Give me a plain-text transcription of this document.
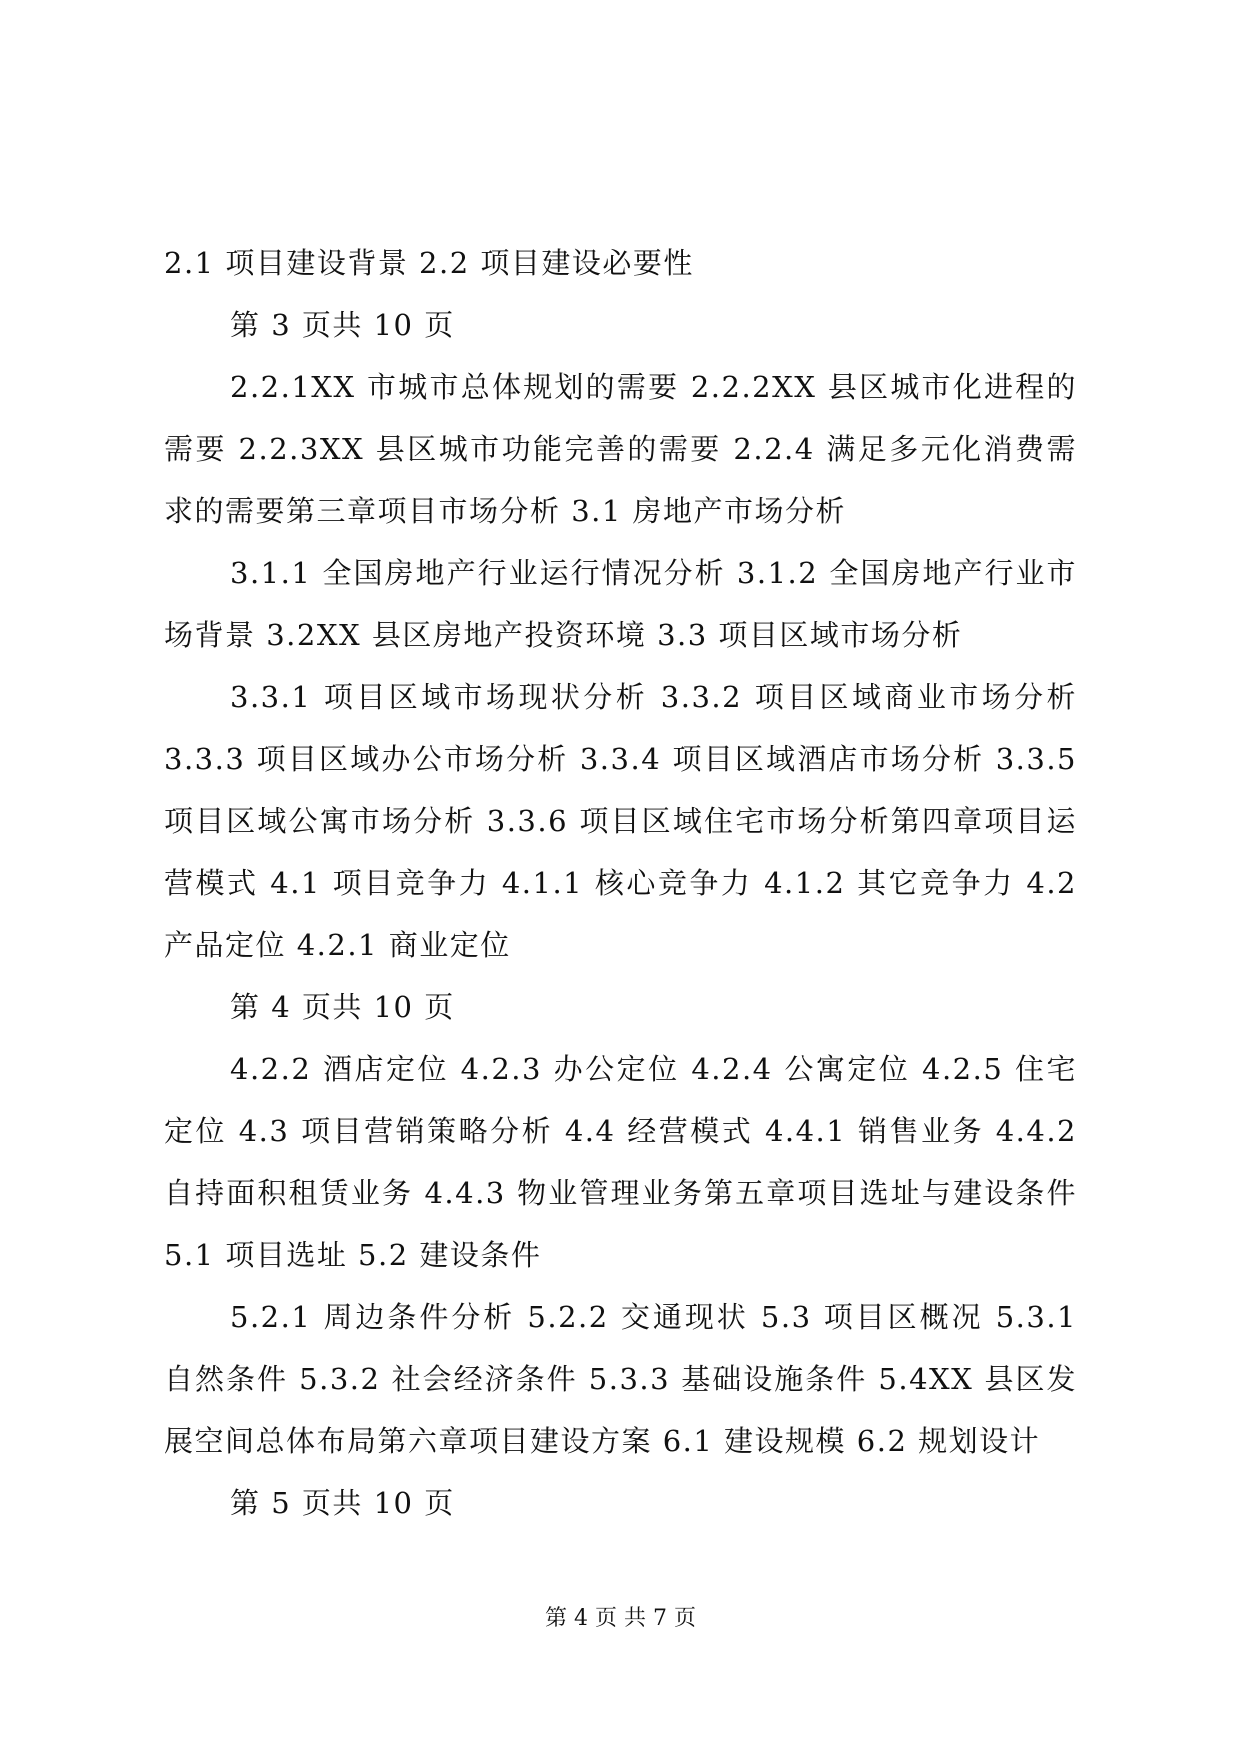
2.1 项目建设背景 2.2 项目建设必要性

第 3 页共 10 页

2.2.1XX 市城市总体规划的需要 2.2.2XX 县区城市化进程的需要 2.2.3XX 县区城市功能完善的需要 2.2.4 满足多元化消费需求的需要第三章项目市场分析 3.1 房地产市场分析

3.1.1 全国房地产行业运行情况分析 3.1.2 全国房地产行业市场背景 3.2XX 县区房地产投资环境 3.3 项目区域市场分析

3.3.1 项目区域市场现状分析 3.3.2 项目区域商业市场分析 3.3.3 项目区域办公市场分析 3.3.4 项目区域酒店市场分析 3.3.5 项目区域公寓市场分析 3.3.6 项目区域住宅市场分析第四章项目运营模式 4.1 项目竞争力 4.1.1 核心竞争力 4.1.2 其它竞争力 4.2 产品定位 4.2.1 商业定位

第 4 页共 10 页

4.2.2 酒店定位 4.2.3 办公定位 4.2.4 公寓定位 4.2.5 住宅定位 4.3 项目营销策略分析 4.4 经营模式 4.4.1 销售业务 4.4.2 自持面积租赁业务 4.4.3 物业管理业务第五章项目选址与建设条件 5.1 项目选址 5.2 建设条件

5.2.1 周边条件分析 5.2.2 交通现状 5.3 项目区概况 5.3.1 自然条件 5.3.2 社会经济条件 5.3.3 基础设施条件 5.4XX 县区发展空间总体布局第六章项目建设方案 6.1 建设规模 6.2 规划设计

第 5 页共 10 页

第 4 页 共 7 页
